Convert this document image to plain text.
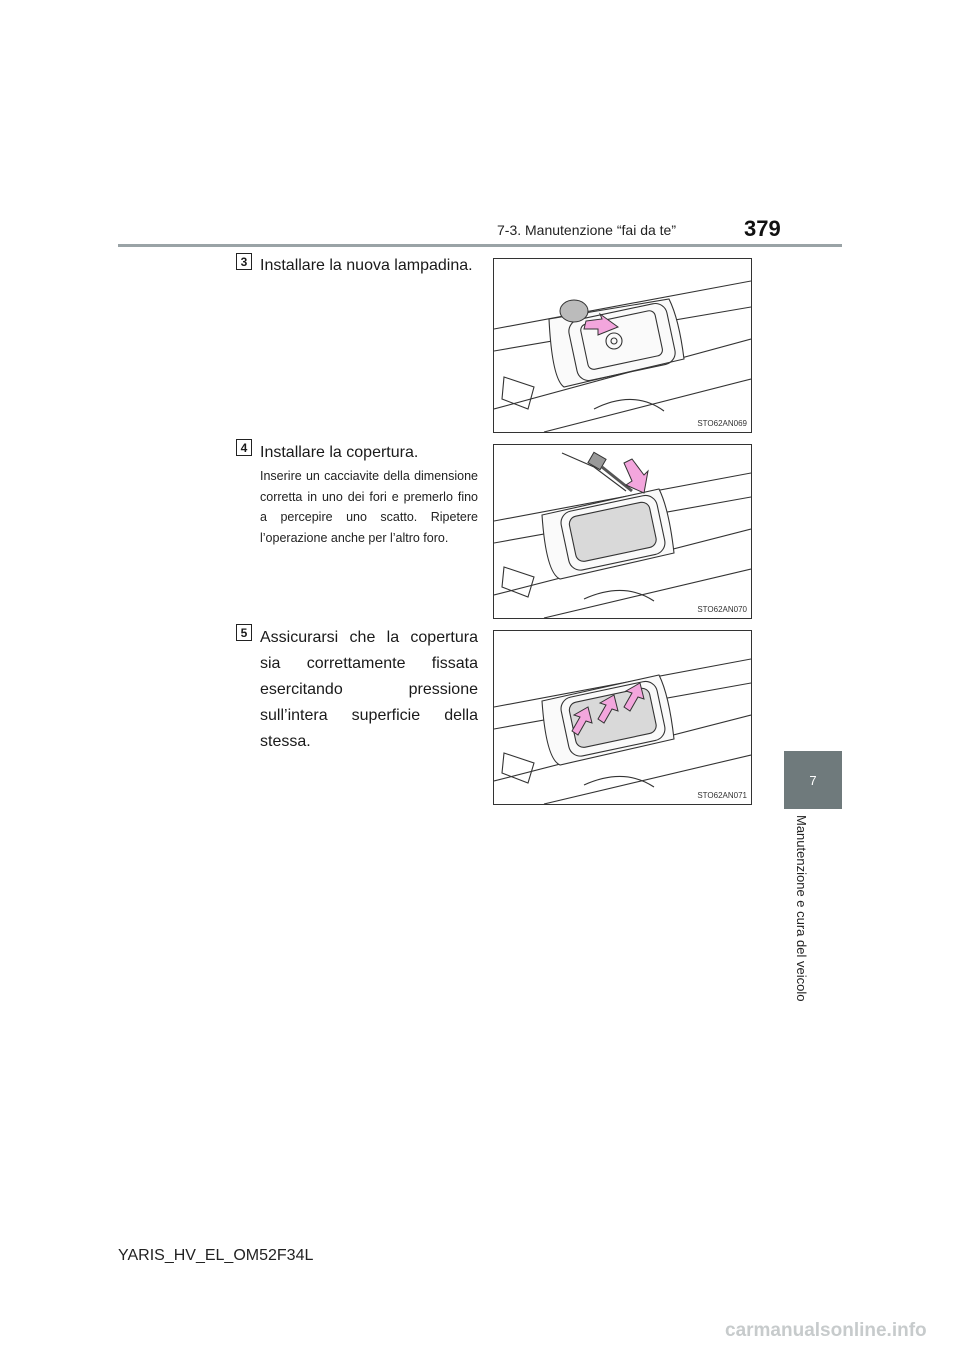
7-3. Manutenzione “fai da te”	379
7
Manutenzione e cura del veicolo
3 Installare la nuova lampadina.
STO62AN069
4 Installare la copertura.
Inserire un cacciavite della dimensione corretta in uno dei fori e premerlo fino a percepire uno scatto. Ripetere l’operazione anche per l’altro foro.
STO62AN070
5 Assicurarsi che la copertura sia correttamente fissata esercitando pressione sull’intera superficie della stessa.
STO62AN071
YARIS_HV_EL_OM52F34L
carmanualsonline.info
